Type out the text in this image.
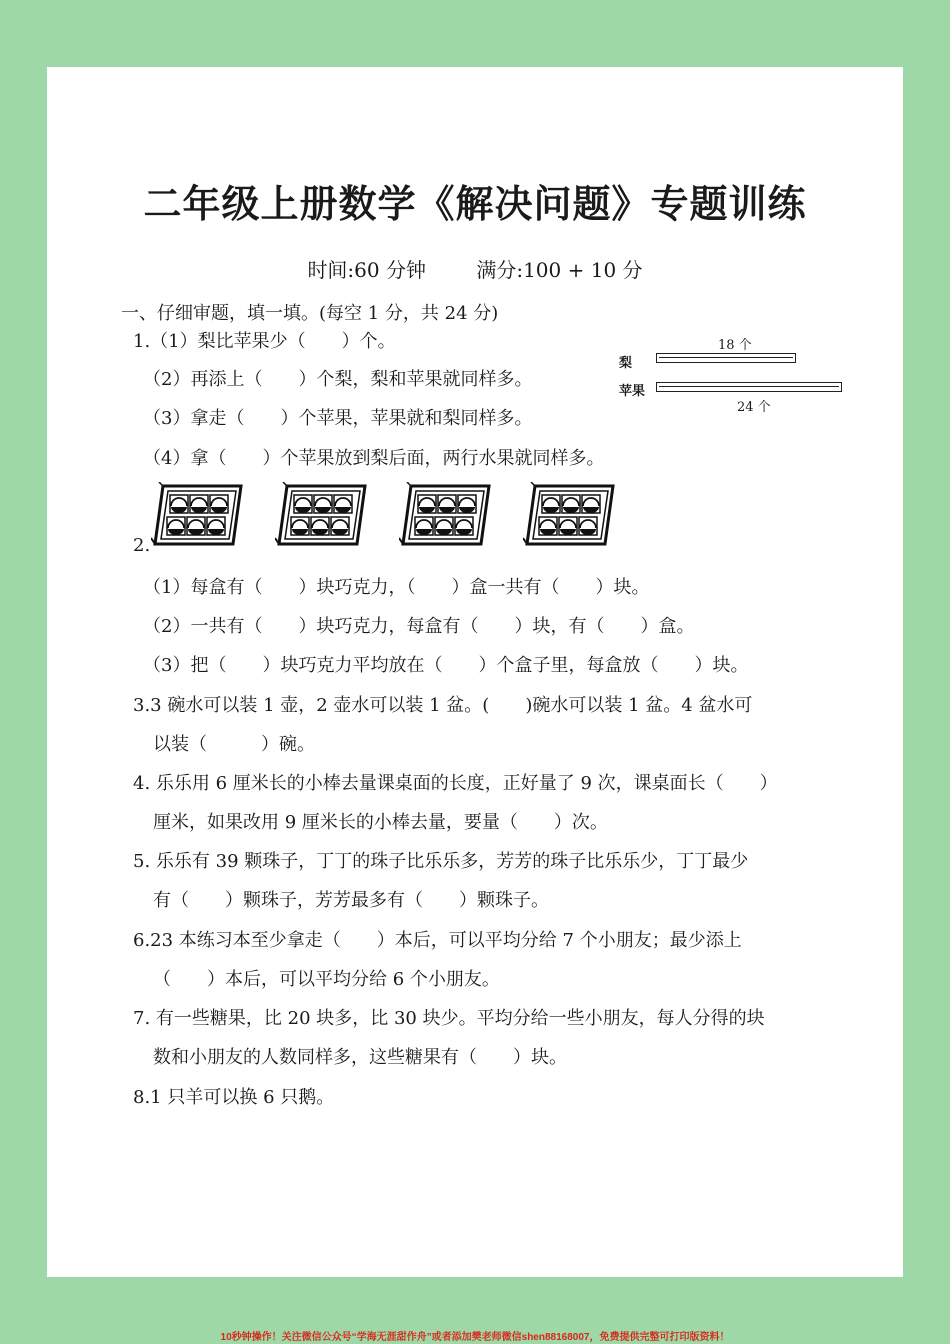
二年级上册数学《解决问题》专题训练
时间:60 分钟	满分:100 + 10 分
一、仔细审题，填一填。(每空 1 分，共 24 分)
1.（1）梨比苹果少（　　）个。
（2）再添上（　　）个梨，梨和苹果就同样多。
（3）拿走（　　）个苹果，苹果就和梨同样多。
（4）拿（　　）个苹果放到梨后面，两行水果就同样多。
18 个
梨
苹果
24 个
2.
（1）每盒有（　　）块巧克力，（　　）盒一共有（　　）块。
（2）一共有（　　）块巧克力，每盒有（　　）块，有（　　）盒。
（3）把（　　）块巧克力平均放在（　　）个盒子里，每盒放（　　）块。
3.3 碗水可以装 1 壶，2 壶水可以装 1 盆。(　　)碗水可以装 1 盆。4 盆水可
以装（　　　）碗。
4. 乐乐用 6 厘米长的小棒去量课桌面的长度，正好量了 9 次，课桌面长（　　）
厘米，如果改用 9 厘米长的小棒去量，要量（　　）次。
5. 乐乐有 39 颗珠子，丁丁的珠子比乐乐多，芳芳的珠子比乐乐少，丁丁最少
有（　　）颗珠子，芳芳最多有（　　）颗珠子。
6.23 本练习本至少拿走（　　）本后，可以平均分给 7 个小朋友；最少添上
（　　）本后，可以平均分给 6 个小朋友。
7. 有一些糖果，比 20 块多，比 30 块少。平均分给一些小朋友，每人分得的块
数和小朋友的人数同样多，这些糖果有（　　）块。
8.1 只羊可以换 6 只鹅。
10秒钟操作！关注微信公众号“学海无涯甜作舟”或者添加樊老师微信shen88168007，免费提供完整可打印版资料！
